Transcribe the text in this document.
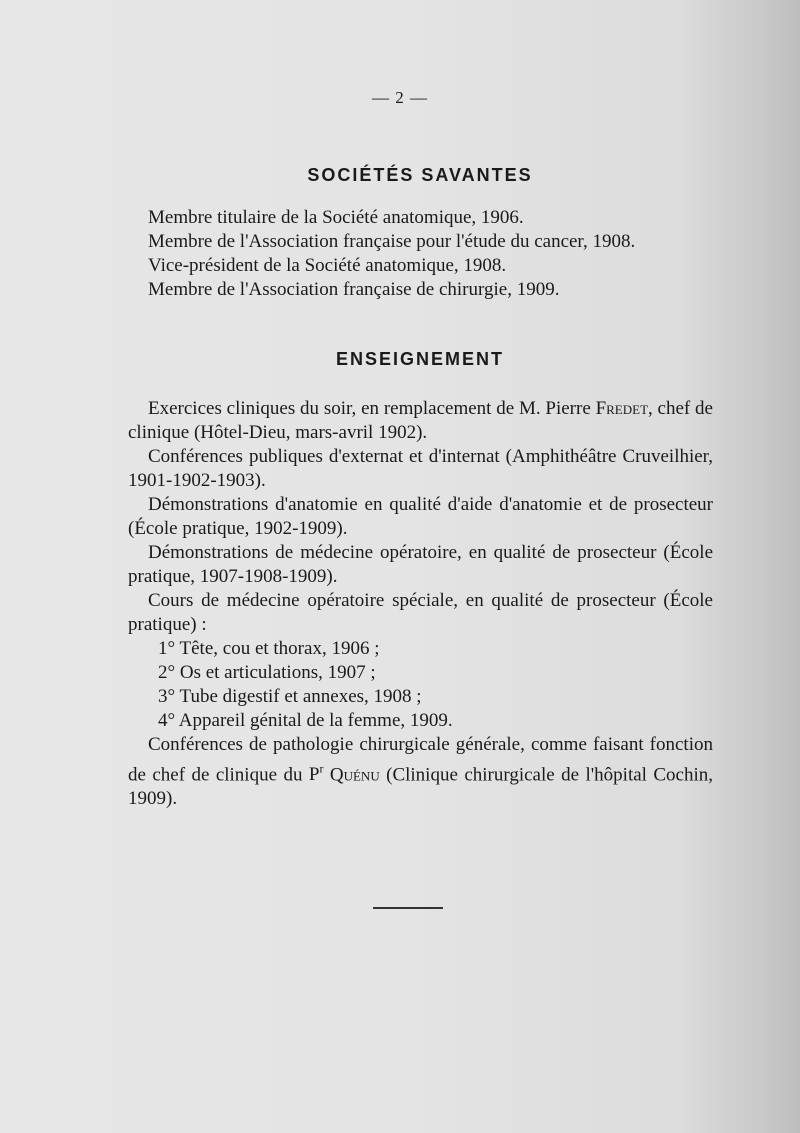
— 2 —
SOCIÉTÉS SAVANTES

Membre titulaire de la Société anatomique, 1906.

Membre de l'Association française pour l'étude du cancer, 1908.

Vice-président de la Société anatomique, 1908.

Membre de l'Association française de chirurgie, 1909.

ENSEIGNEMENT

Exercices cliniques du soir, en remplacement de M. Pierre Fredet, chef de clinique (Hôtel-Dieu, mars-avril 1902).

Conférences publiques d'externat et d'internat (Amphithéâtre Cruveilhier, 1901-1902-1903).

Démonstrations d'anatomie en qualité d'aide d'anatomie et de prosecteur (École pratique, 1902-1909).

Démonstrations de médecine opératoire, en qualité de prosecteur (École pratique, 1907-1908-1909).

Cours de médecine opératoire spéciale, en qualité de prosecteur (École pratique) :

1° Tête, cou et thorax, 1906 ;

2° Os et articulations, 1907 ;

3° Tube digestif et annexes, 1908 ;

4° Appareil génital de la femme, 1909.

Conférences de pathologie chirurgicale générale, comme faisant fonction de chef de clinique du $P^r$ Quénu (Clinique chirurgicale de l'hôpital Cochin, 1909).
